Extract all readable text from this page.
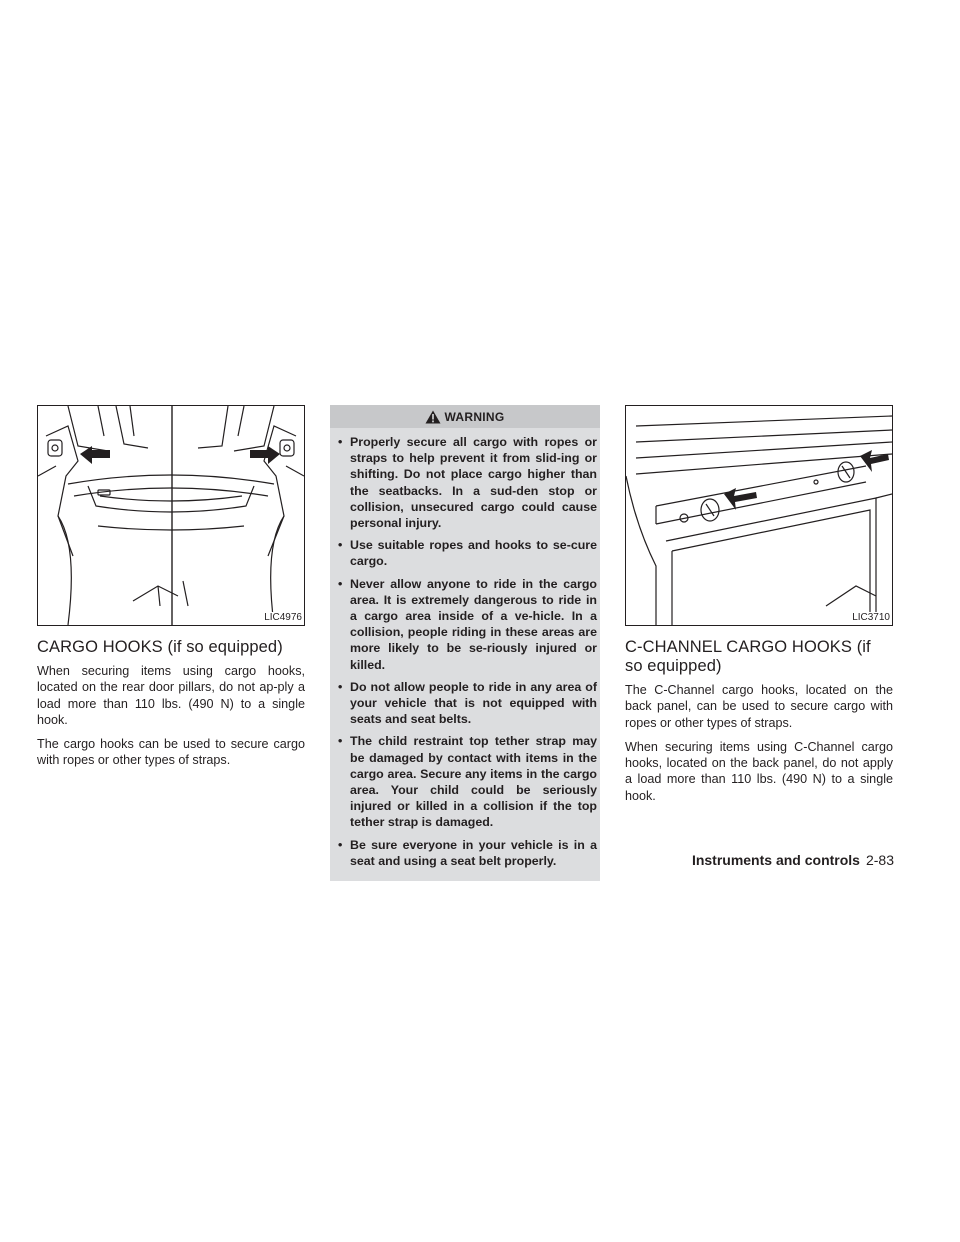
LIC4976
CARGO HOOKS (if so equipped)

When securing items using cargo hooks, located on the rear door pillars, do not ap-ply a load more than 110 lbs. (490 N) to a single hook.

The cargo hooks can be used to secure cargo with ropes or other types of straps.

WARNING
• Properly secure all cargo with ropes or straps to help prevent it from slid-ing or shifting. Do not place cargo higher than the seatbacks. In a sud-den stop or collision, unsecured cargo could cause personal injury.
• Use suitable ropes and hooks to se-cure cargo.
• Never allow anyone to ride in the cargo area. It is extremely dangerous to ride in a cargo area inside of a ve-hicle. In a collision, people riding in these areas are more likely to be se-riously injured or killed.
• Do not allow people to ride in any area of your vehicle that is not equipped with seats and seat belts.
• The child restraint top tether strap may be damaged by contact with items in the cargo area. Secure any items in the cargo area. Your child could be seriously injured or killed in a collision if the top tether strap is damaged.
• Be sure everyone in your vehicle is in a seat and using a seat belt properly.
LIC3710
C-CHANNEL CARGO HOOKS (if so equipped)

The C-Channel cargo hooks, located on the back panel, can be used to secure cargo with ropes or other types of straps.

When securing items using C-Channel cargo hooks, located on the back panel, do not apply a load more than 110 lbs. (490 N) to a single hook.

Instruments and controls 2-83
